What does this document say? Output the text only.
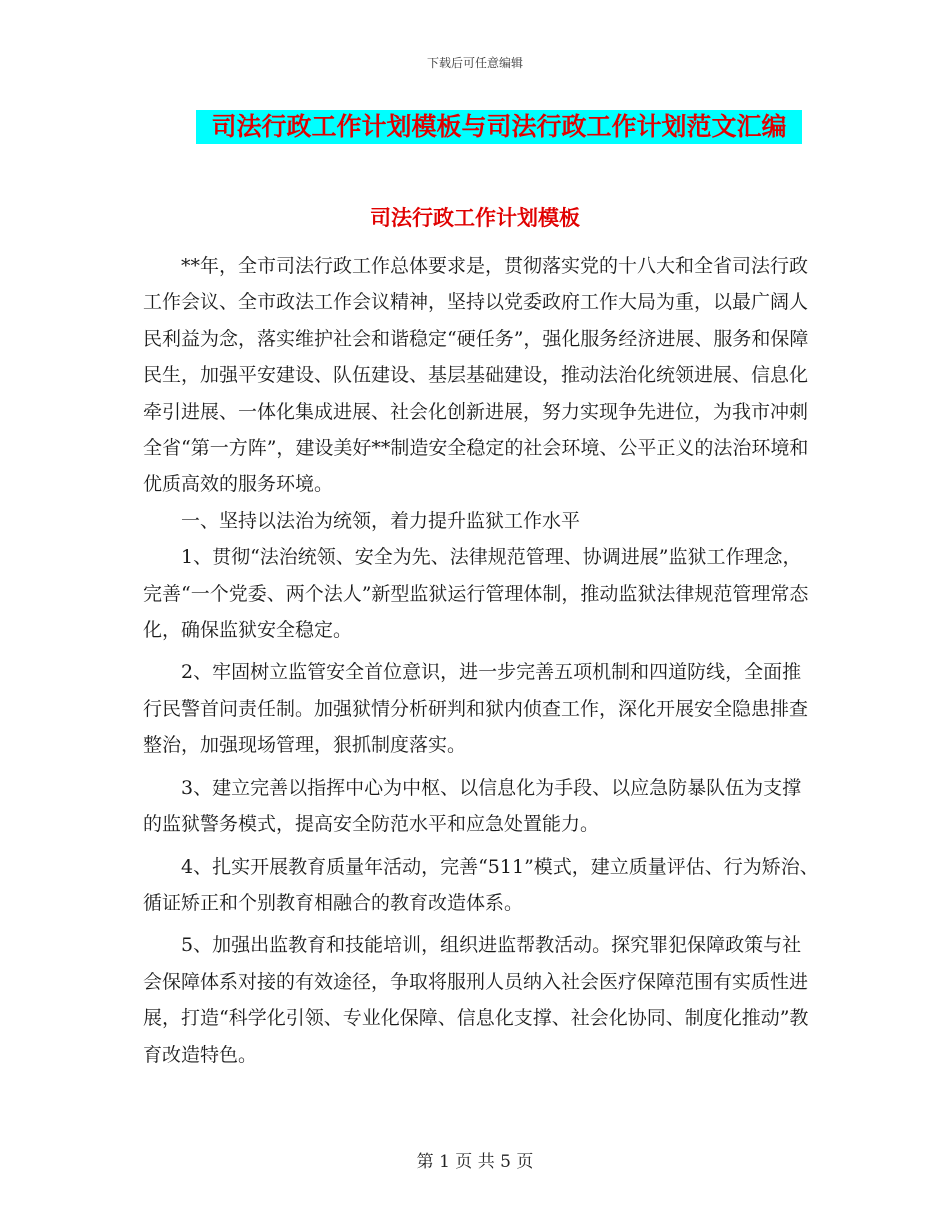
下载后可任意编辑
司法行政工作计划模板与司法行政工作计划范文汇编
司法行政工作计划模板

**年，全市司法行政工作总体要求是，贯彻落实党的十八大和全省司法行政工作会议、全市政法工作会议精神，坚持以党委政府工作大局为重，以最广阔人民利益为念，落实维护社会和谐稳定“硬任务”，强化服务经济进展、服务和保障民生，加强平安建设、队伍建设、基层基础建设，推动法治化统领进展、信息化牵引进展、一体化集成进展、社会化创新进展，努力实现争先进位，为我市冲刺全省“第一方阵”，建设美好**制造安全稳定的社会环境、公平正义的法治环境和优质高效的服务环境。

一、坚持以法治为统领，着力提升监狱工作水平

1、贯彻“法治统领、安全为先、法律规范管理、协调进展”监狱工作理念，完善“一个党委、两个法人”新型监狱运行管理体制，推动监狱法律规范管理常态化，确保监狱安全稳定。

2、牢固树立监管安全首位意识，进一步完善五项机制和四道防线，全面推行民警首问责任制。加强狱情分析研判和狱内侦查工作，深化开展安全隐患排查整治，加强现场管理，狠抓制度落实。

3、建立完善以指挥中心为中枢、以信息化为手段、以应急防暴队伍为支撑的监狱警务模式，提高安全防范水平和应急处置能力。

4、扎实开展教育质量年活动，完善“511”模式，建立质量评估、行为矫治、循证矫正和个别教育相融合的教育改造体系。

5、加强出监教育和技能培训，组织进监帮教活动。探究罪犯保障政策与社会保障体系对接的有效途径，争取将服刑人员纳入社会医疗保障范围有实质性进展，打造“科学化引领、专业化保障、信息化支撑、社会化协同、制度化推动”教育改造特色。

第 1 页 共 5 页
